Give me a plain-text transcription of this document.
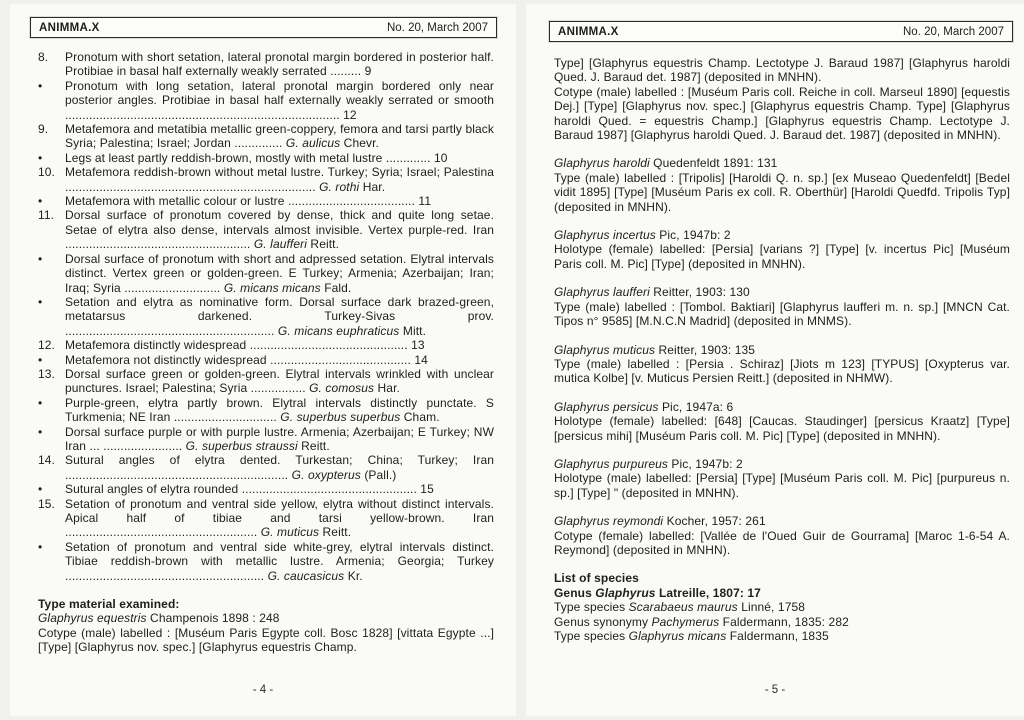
ANIMMA.X	No. 20, March 2007
8. Pronotum with short setation, lateral pronotal margin bordered in posterior half. Protibiae in basal half externally weakly serrated ......... 9
• Pronotum with long setation, lateral pronotal margin bordered only near posterior angles. Protibiae in basal half externally weakly serrated or smooth ................................................................................ 12
9. Metafemora and metatibia metallic green-coppery, femora and tarsi partly black Syria; Palestina; Israel; Jordan .............. G. aulicus Chevr.
• Legs at least partly reddish-brown, mostly with metal lustre ............. 10
10. Metafemora reddish-brown without metal lustre. Turkey; Syria; Israel; Palestina ......................................................................... G. rothi Har.
• Metafemora with metallic colour or lustre ..................................... 11
11. Dorsal surface of pronotum covered by dense, thick and quite long setae. Setae of elytra also dense, intervals almost invisible. Vertex purple-red. Iran ...................................................... G. laufferi Reitt.
• Dorsal surface of pronotum with short and adpressed setation. Elytral intervals distinct. Vertex green or golden-green. E Turkey; Armenia; Azerbaijan; Iran; Iraq; Syria ............................ G. micans micans Fald.
• Setation and elytra as nominative form. Dorsal surface dark brazed-green, metatarsus darkened. Turkey-Sivas prov. ............................................................. G. micans euphraticus Mitt.
12. Metafemora distinctly widespread .............................................. 13
• Metafemora not distinctly widespread ......................................... 14
13. Dorsal surface green or golden-green. Elytral intervals wrinkled with unclear punctures. Israel; Palestina; Syria ................ G. comosus Har.
• Purple-green, elytra partly brown. Elytral intervals distinctly punctate. S Turkmenia; NE Iran .............................. G. superbus superbus Cham.
• Dorsal surface purple or with purple lustre. Armenia; Azerbaijan; E Turkey; NW Iran ... ....................... G. superbus straussi Reitt.
14. Sutural angles of elytra dented. Turkestan; China; Turkey; Iran ................................................................. G. oxypterus (Pall.)
• Sutural angles of elytra rounded ................................................... 15
15. Setation of pronotum and ventral side yellow, elytra without distinct intervals. Apical half of tibiae and tarsi yellow-brown. Iran ........................................................ G. muticus Reitt.
• Setation of pronotum and ventral side white-grey, elytral intervals distinct. Tibiae reddish-brown with metallic lustre. Armenia; Georgia; Turkey .......................................................... G. caucasicus Kr.
Type material examined:

Glaphyrus equestris Champenois 1898 : 248

Cotype (male) labelled : [Muséum Paris Egypte coll. Bosc 1828] [vittata Egypte ...] [Type] [Glaphyrus nov. spec.] [Glaphyrus equestris Champ.

- 4 -
ANIMMA.X	No. 20, March 2007

Type] [Glaphyrus equestris Champ. Lectotype J. Baraud 1987] [Glaphyrus haroldi Qued. J. Baraud det. 1987] (deposited in MNHN).

Cotype (male) labelled : [Muséum Paris coll. Reiche in coll. Marseul 1890] [equestis Dej.] [Type] [Glaphyrus nov. spec.] [Glaphyrus equestris Champ. Type] [Glaphyrus haroldi Qued. = equestris Champ.] [Glaphyrus equestris Champ. Lectotype J. Baraud 1987] [Glaphyrus haroldi Qued. J. Baraud det. 1987] (deposited in MNHN).

Glaphyrus haroldi Quedenfeldt 1891: 131

Type (male) labelled : [Tripolis] [Haroldi Q. n. sp.] [ex Museao Quedenfeldt] [Bedel vidit 1895] [Type] [Muséum Paris ex coll. R. Oberthür] [Haroldi Quedfd. Tripolis Typ] (deposited in MNHN).

Glaphyrus incertus Pic, 1947b: 2

Holotype (female) labelled: [Persia] [varians ?] [Type] [v. incertus Pic] [Muséum Paris coll. M. Pic] [Type] (deposited in MNHN).

Glaphyrus laufferi Reitter, 1903: 130

Type (male) labelled : [Tombol. Baktiari] [Glaphyrus laufferi m. n. sp.] [MNCN Cat. Tipos n° 9585] [M.N.C.N Madrid] (deposited in MNMS).

Glaphyrus muticus Reitter, 1903: 135

Type (male) labelled : [Persia . Schiraz] [Jiots m 123] [TYPUS] [Oxypterus var. mutica Kolbe] [v. Muticus Persien Reitt.] (deposited in NHMW).

Glaphyrus persicus Pic, 1947a: 6

Holotype (female) labelled: [648] [Caucas. Staudinger] [persicus Kraatz] [Type] [persicus mihi] [Muséum Paris coll. M. Pic] [Type] (deposited in MNHN).

Glaphyrus purpureus Pic, 1947b: 2

Holotype (male) labelled: [Persia] [Type] [Muséum Paris coll. M. Pic] [purpureus n. sp.] [Type] " (deposited in MNHN).

Glaphyrus reymondi Kocher, 1957: 261

Cotype (female) labelled: [Vallée de l'Oued Guir de Gourrama] [Maroc 1-6-54 A. Reymond] (deposited in MNHN).

List of species

Genus Glaphyrus Latreille, 1807: 17

Type species Scarabaeus maurus Linné, 1758

Genus synonymy Pachymerus Faldermann, 1835: 282

Type species Glaphyrus micans Faldermann, 1835

- 5 -
